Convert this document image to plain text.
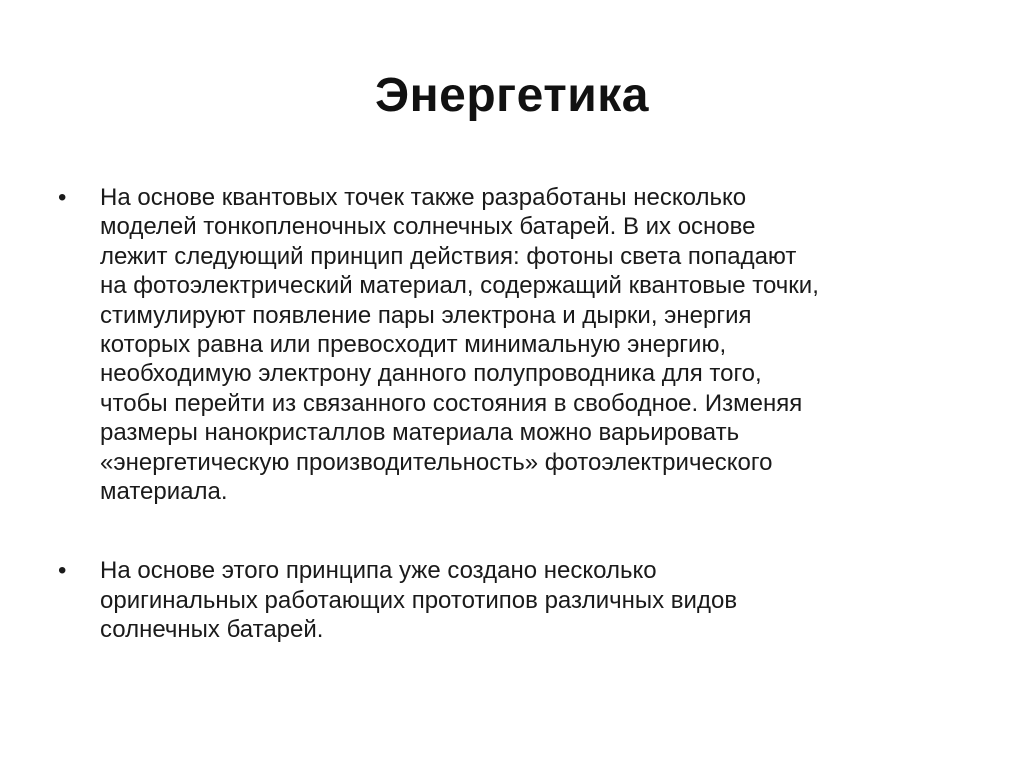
Энергетика
• На основе квантовых точек также разработаны несколько
моделей тонкопленочных солнечных батарей. В их основе
лежит следующий принцип действия: фотоны света попадают
на фотоэлектрический материал, содержащий квантовые точки,
стимулируют появление пары электрона и дырки, энергия
которых равна или превосходит минимальную энергию,
необходимую электрону данного полупроводника для того,
чтобы перейти из связанного состояния в свободное. Изменяя
размеры нанокристаллов материала можно варьировать
«энергетическую производительность» фотоэлектрического
материала.
• На основе этого принципа уже создано несколько
оригинальных работающих прототипов различных видов
солнечных батарей.
